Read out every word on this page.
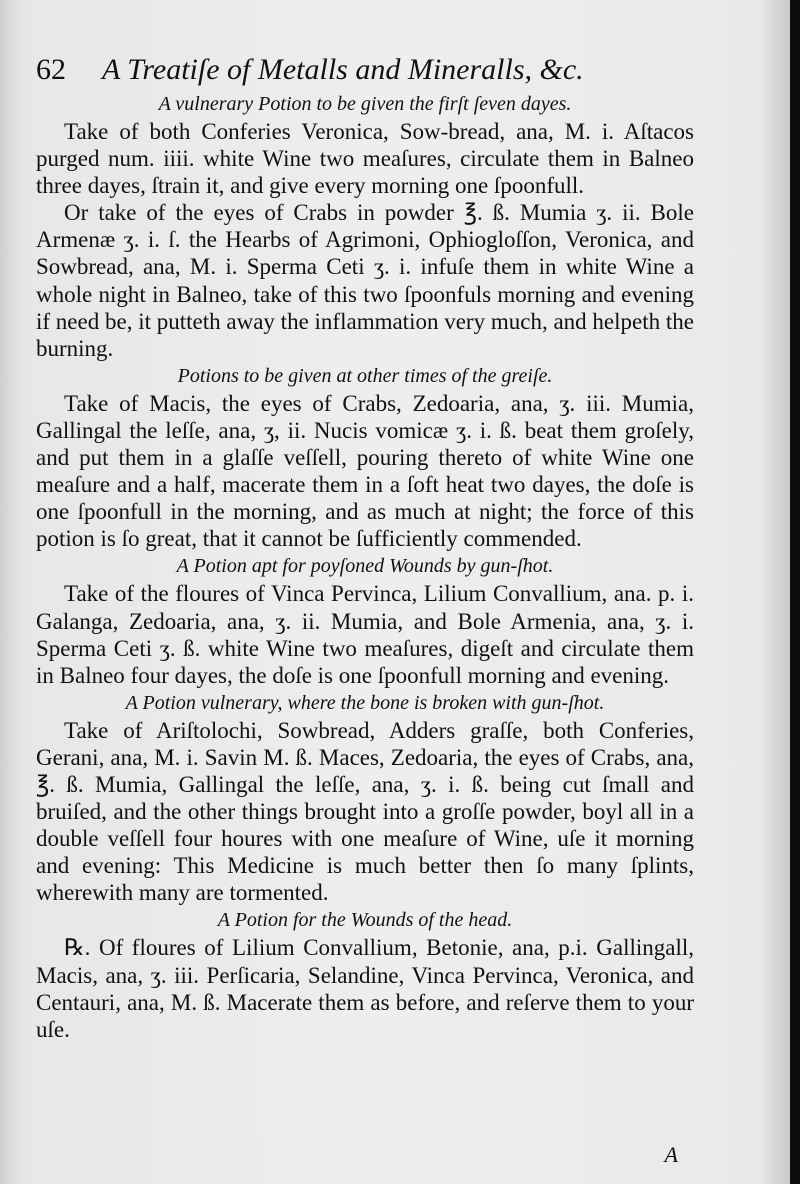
62 A Treatiſe of Metalls and Mineralls, &c.
A vulnerary Potion to be given the firſt ſeven dayes.
Take of both Conferies Veronica, Sow-bread, ana, M. i. Aſtacos purged num. iiii. white Wine two meaſures, circulate them in Balneo three dayes, ſtrain it, and give every morning one ſpoonfull.
Or take of the eyes of Crabs in powder ℥. ß. Mumia ʒ. ii. Bole Armenæ ʒ. i. ſ. the Hearbs of Agrimoni, Ophiogloſſon, Veronica, and Sowbread, ana, M. i. Sperma Ceti ʒ. i. infuſe them in white Wine a whole night in Balneo, take of this two ſpoonfuls morning and evening if need be, it putteth away the inflammation very much, and helpeth the burning.
Potions to be given at other times of the greiſe.
Take of Macis, the eyes of Crabs, Zedoaria, ana, ʒ. iii. Mumia, Gallingal the leſſe, ana, ʒ, ii. Nucis vomicæ ʒ. i. ß. beat them groſely, and put them in a glaſſe veſſell, pouring thereto of white Wine one meaſure and a half, macerate them in a ſoft heat two dayes, the doſe is one ſpoonfull in the morning, and as much at night; the force of this potion is ſo great, that it cannot be ſufficiently commended.
A Potion apt for poyſoned Wounds by gun-ſhot.
Take of the floures of Vinca Pervinca, Lilium Convallium, ana. p. i. Galanga, Zedoaria, ana, ʒ. ii. Mumia, and Bole Armenia, ana, ʒ. i. Sperma Ceti ʒ. ß. white Wine two meaſures, digeſt and circulate them in Balneo four dayes, the doſe is one ſpoonfull morning and evening.
A Potion vulnerary, where the bone is broken with gun-ſhot.
Take of Ariſtolochi, Sowbread, Adders graſſe, both Conferies, Gerani, ana, M. i. Savin M. ß. Maces, Zedoaria, the eyes of Crabs, ana, ℥. ß. Mumia, Gallingal the leſſe, ana, ʒ. i. ß. being cut ſmall and bruiſed, and the other things brought into a groſſe powder, boyl all in a double veſſell four houres with one meaſure of Wine, uſe it morning and evening: This Medicine is much better then ſo many ſplints, wherewith many are tormented.
A Potion for the Wounds of the head.
℞. Of floures of Lilium Convallium, Betonie, ana, p.i. Gallingall, Macis, ana, ʒ. iii. Perſicaria, Selandine, Vinca Pervinca, Veronica, and Centauri, ana, M. ß. Macerate them as before, and reſerve them to your uſe.
A
